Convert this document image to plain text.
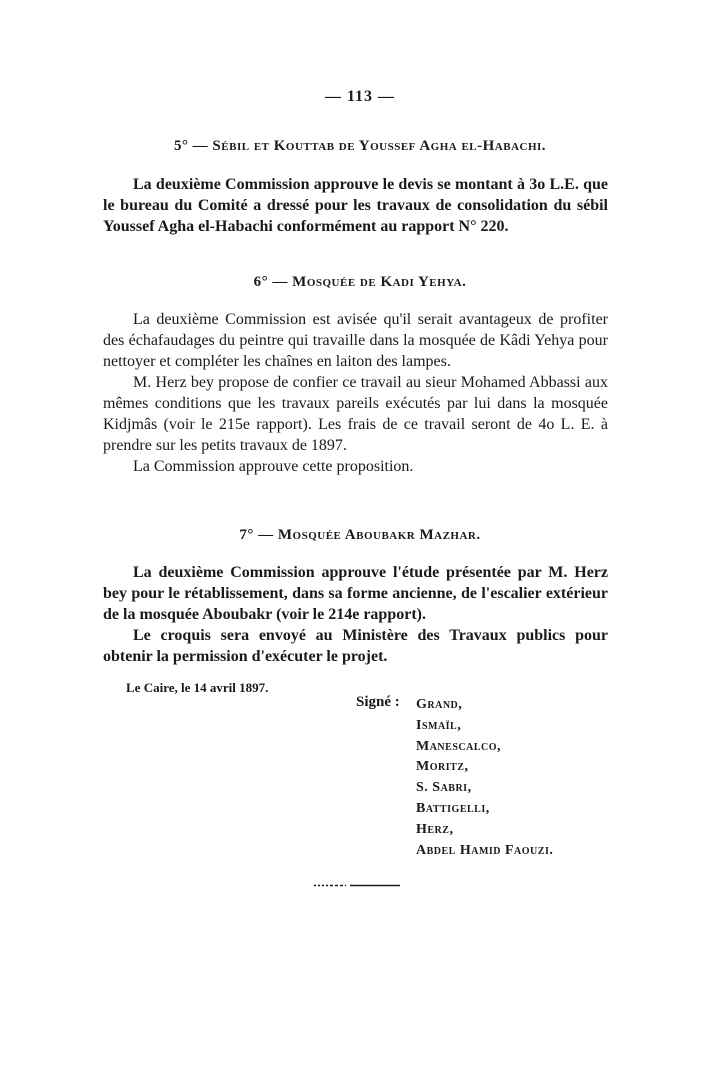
— 113 —
5° — Sébil et Kouttab de Youssef Agha el-Habachi.

La deuxième Commission approuve le devis se montant à 3o L.E. que le bureau du Comité a dressé pour les travaux de consolidation du sébil Youssef Agha el-Habachi conformément au rapport N° 220.

6° — Mosquée de Kadi Yehya.

La deuxième Commission est avisée qu'il serait avantageux de profiter des échafaudages du peintre qui travaille dans la mosquée de Kâdi Yehya pour nettoyer et compléter les chaînes en laiton des lampes.

M. Herz bey propose de confier ce travail au sieur Mohamed Abbassi aux mêmes conditions que les travaux pareils exécutés par lui dans la mosquée Kidjmâs (voir le 215e rapport). Les frais de ce travail seront de 4o L. E. à prendre sur les petits travaux de 1897.

La Commission approuve cette proposition.

7° — Mosquée Aboubakr Mazhar.

La deuxième Commission approuve l'étude présentée par M. Herz bey pour le rétablissement, dans sa forme ancienne, de l'escalier extérieur de la mosquée Aboubakr (voir le 214e rapport).

Le croquis sera envoyé au Ministère des Travaux publics pour obtenir la permission d'exécuter le projet.

Le Caire, le 14 avril 1897.
Signé : Grand,
Ismaïl,
Manescalco,
Moritz,
S. Sabri,
Battigelli,
Herz,
Abdel Hamid Faouzi.
